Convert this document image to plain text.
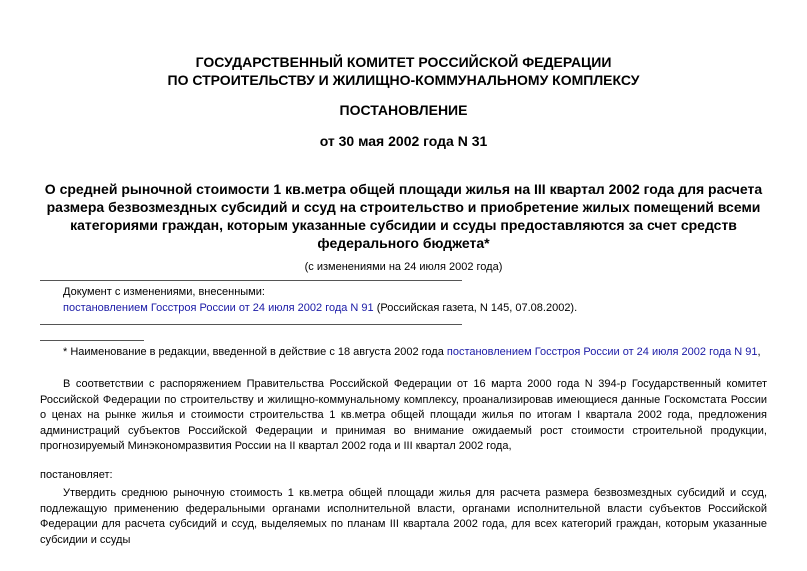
ГОСУДАРСТВЕННЫЙ КОМИТЕТ РОССИЙСКОЙ ФЕДЕРАЦИИ
ПО СТРОИТЕЛЬСТВУ И ЖИЛИЩНО-КОММУНАЛЬНОМУ КОМПЛЕКСУ
ПОСТАНОВЛЕНИЕ
от 30 мая 2002 года N 31
О средней рыночной стоимости 1 кв.метра общей площади жилья на III квартал 2002 года для расчета размера безвозмездных субсидий и ссуд на строительство и приобретение жилых помещений всеми категориями граждан, которым указанные субсидии и ссуды предоставляются за счет средств федерального бюджета*
(с изменениями на 24 июля 2002 года)
Документ с изменениями, внесенными:
постановлением Госстроя России от 24 июля 2002 года N 91 (Российская газета, N 145, 07.08.2002).
* Наименование в редакции, введенной в действие с 18 августа 2002 года постановлением Госстроя России от 24 июля 2002 года N 91,
В соответствии с распоряжением Правительства Российской Федерации от 16 марта 2000 года N 394-р Государственный комитет Российской Федерации по строительству и жилищно-коммунальному комплексу, проанализировав имеющиеся данные Госкомстата России о ценах на рынке жилья и стоимости строительства 1 кв.метра общей площади жилья по итогам I квартала 2002 года, предложения администраций субъектов Российской Федерации и принимая во внимание ожидаемый рост стоимости строительной продукции, прогнозируемый Минэкономразвития России на II квартал 2002 года и III квартал 2002 года,
постановляет:
Утвердить среднюю рыночную стоимость 1 кв.метра общей площади жилья для расчета размера безвозмездных субсидий и ссуд, подлежащую применению федеральными органами исполнительной власти, органами исполнительной власти субъектов Российской Федерации для расчета субсидий и ссуд, выделяемых по планам III квартала 2002 года, для всех категорий граждан, которым указанные субсидии и ссуды
